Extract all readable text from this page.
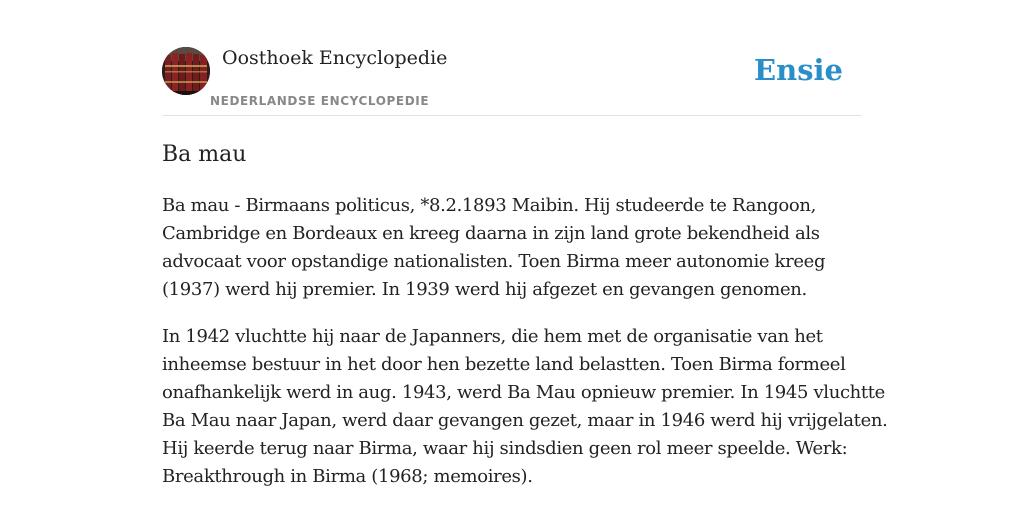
Oosthoek Encyclopedie
NEDERLANDSE ENCYCLOPEDIE
Ensie
Ba mau
Ba mau - Birmaans politicus, *8.2.1893 Maibin. Hij studeerde te Rangoon,
Cambridge en Bordeaux en kreeg daarna in zijn land grote bekendheid als
advocaat voor opstandige nationalisten. Toen Birma meer autonomie kreeg
(1937) werd hij premier. In 1939 werd hij afgezet en gevangen genomen.
In 1942 vluchtte hij naar de Japanners, die hem met de organisatie van het
inheemse bestuur in het door hen bezette land belastten. Toen Birma formeel
onafhankelijk werd in aug. 1943, werd Ba Mau opnieuw premier. In 1945 vluchtte
Ba Mau naar Japan, werd daar gevangen gezet, maar in 1946 werd hij vrijgelaten.
Hij keerde terug naar Birma, waar hij sindsdien geen rol meer speelde. Werk:
Breakthrough in Birma (1968; memoires).
